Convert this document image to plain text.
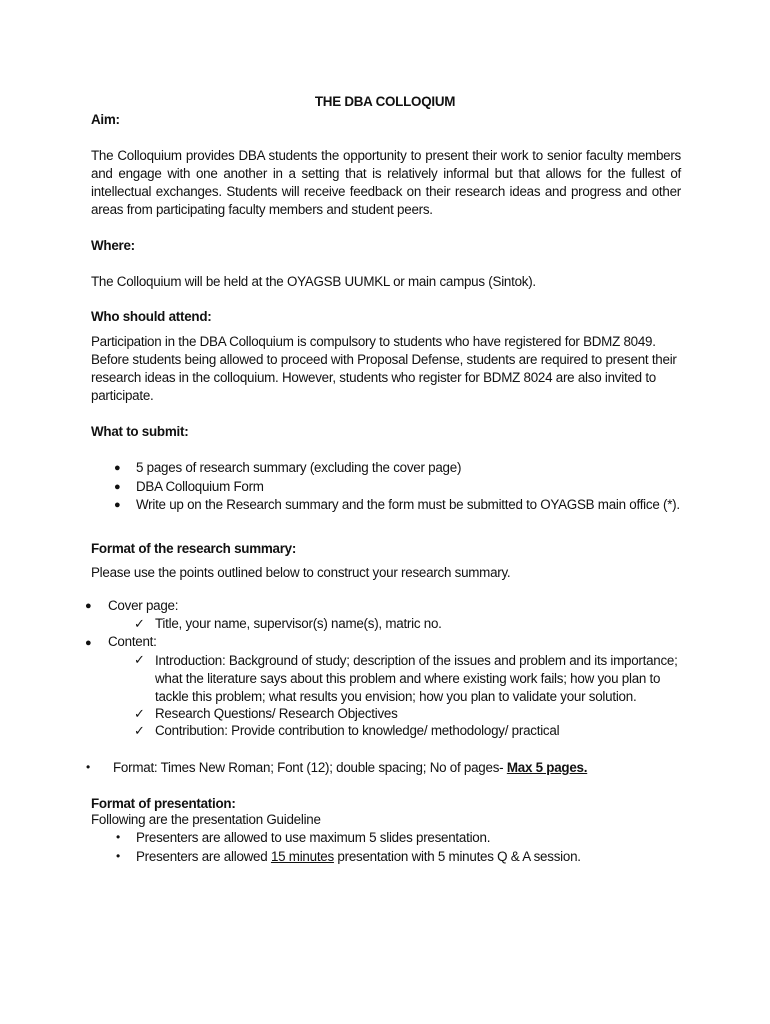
THE DBA COLLOQIUM
Aim:
The Colloquium provides DBA students the opportunity to present their work to senior faculty members and engage with one another in a setting that is relatively informal but that allows for the fullest of intellectual exchanges. Students will receive feedback on their research ideas and progress and other areas from participating faculty members and student peers.
Where:
The Colloquium will be held at the OYAGSB UUMKL or main campus (Sintok).
Who should attend:
Participation in the DBA Colloquium is compulsory to students who have registered for BDMZ 8049. Before students being allowed to proceed with Proposal Defense, students are required to present their research ideas in the colloquium. However, students who register for BDMZ 8024 are also invited to participate.
What to submit:
● 5 pages of research summary (excluding the cover page)
● DBA Colloquium Form
● Write up on the Research summary and the form must be submitted to OYAGSB main office (*).
Format of the research summary:
Please use the points outlined below to construct your research summary.
● Cover page:
✓ Title, your name, supervisor(s) name(s), matric no.
● Content:
✓ Introduction: Background of study; description of the issues and problem and its importance; what the literature says about this problem and where existing work fails; how you plan to tackle this problem; what results you envision; how you plan to validate your solution.
✓ Research Questions/ Research Objectives
✓ Contribution: Provide contribution to knowledge/ methodology/ practical
• Format: Times New Roman; Font (12); double spacing; No of pages- Max 5 pages.
Format of presentation:
Following are the presentation Guideline
• Presenters are allowed to use maximum 5 slides presentation.
• Presenters are allowed 15 minutes presentation with 5 minutes Q & A session.
